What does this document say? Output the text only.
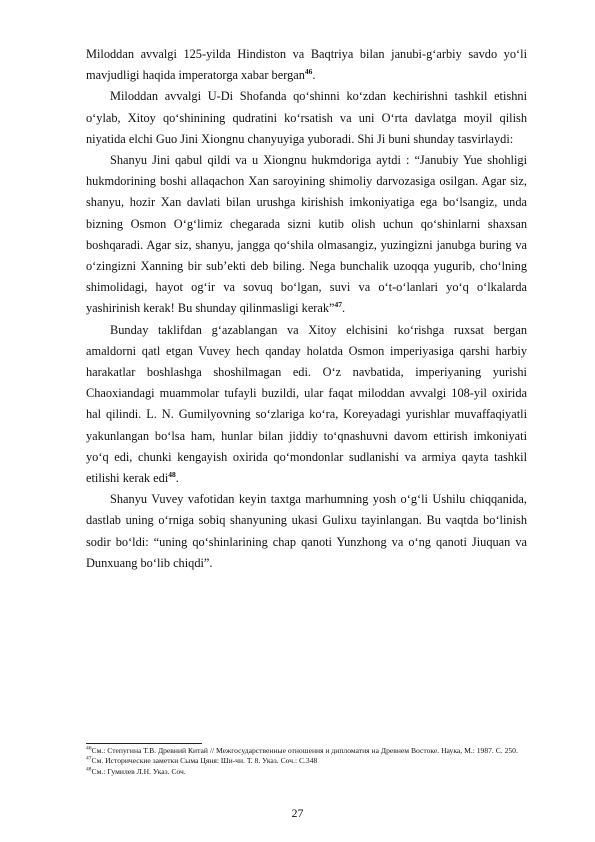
Miloddan avvalgi 125-yilda Hindiston va Baqtriya bilan janubi-gʻarbiy savdo yoʻli mavjudligi haqida imperatorga xabar bergan$^{46}$.

Miloddan avvalgi U-Di Shofanda qoʻshinni koʻzdan kechirishni tashkil etishni oʻylab, Xitoy qoʻshinining qudratini koʻrsatish va uni Oʻrta davlatga moyil qilish niyatida elchi Guo Jini Xiongnu chanyuyiga yuboradi. Shi Ji buni shunday tasvirlaydi:

Shanyu Jini qabul qildi va u Xiongnu hukmdoriga aytdi : “Janubiy Yue shohligi hukmdorining boshi allaqachon Xan saroyining shimoliy darvozasiga osilgan. Agar siz, shanyu, hozir Xan davlati bilan urushga kirishish imkoniyatiga ega boʻlsangiz, unda bizning Osmon Oʻgʻlimiz chegarada sizni kutib olish uchun qoʻshinlarni shaxsan boshqaradi. Agar siz, shanyu, jangga qoʻshila olmasangiz, yuzingizni janubga buring va oʻzingizni Xanning bir subʼekti deb biling. Nega bunchalik uzoqqa yugurib, choʻlning shimolidagi, hayot ogʻir va sovuq boʻlgan, suvi va oʻt-oʻlanlari yoʻq oʻlkalarda yashirinish kerak! Bu shunday qilinmasligi kerak”$^{47}$.

Bunday taklifdan gʻazablangan va Xitoy elchisini koʻrishga ruxsat bergan amaldorni qatl etgan Vuvey hech qanday holatda Osmon imperiyasiga qarshi harbiy harakatlar boshlashga shoshilmagan edi. Oʻz navbatida, imperiyaning yurishi Chaoxiandagi muammolar tufayli buzildi, ular faqat miloddan avvalgi 108-yil oxirida hal qilindi. L. N. Gumilyovning soʻzlariga koʻra, Koreyadagi yurishlar muvaffaqiyatli yakunlangan boʻlsa ham, hunlar bilan jiddiy toʻqnashuvni davom ettirish imkoniyati yoʻq edi, chunki kengayish oxirida qoʻmondonlar sudlanishi va armiya qayta tashkil etilishi kerak edi$^{48}$.

Shanyu Vuvey vafotidan keyin taxtga marhumning yosh oʻgʻli Ushilu chiqqanida, dastlab uning oʻrniga sobiq shanyuning ukasi Gulixu tayinlangan. Bu vaqtda boʻlinish sodir boʻldi: “uning qoʻshinlarining chap qanoti Yunzhong va oʻng qanoti Jiuquan va Dunxuang boʻlib chiqdi”.

$^{46}$См.: Степугина Т.В. Древний Китай // Межгосударственные отношения и дипломатия на Древнем Востоке. Наука, М.: 1987. С. 250.

$^{47}$См. Исторические заметки Сыма Цяня: Ши-чи. Т. 8. Указ. Соч.: С.348

$^{48}$См.: Гумилев Л.Н. Указ. Соч.

27
